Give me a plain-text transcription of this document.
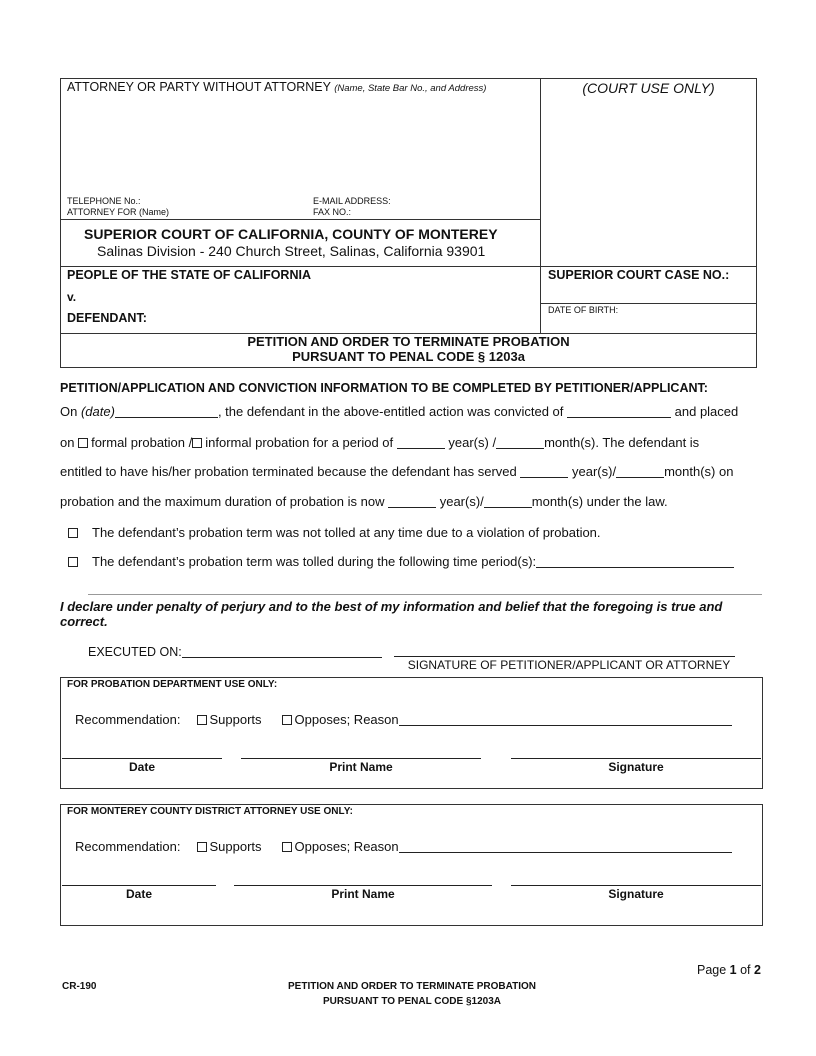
ATTORNEY OR PARTY WITHOUT ATTORNEY (Name, State Bar No., and Address)	(COURT USE ONLY)
TELEPHONE No.:
ATTORNEY FOR (Name)
E-MAIL ADDRESS:
FAX NO.:
SUPERIOR COURT OF CALIFORNIA, COUNTY OF MONTEREY
Salinas Division - 240 Church Street, Salinas, California 93901
PEOPLE OF THE STATE OF CALIFORNIA
v.
DEFENDANT:
SUPERIOR COURT CASE NO.:
DATE OF BIRTH:
PETITION AND ORDER TO TERMINATE PROBATION
PURSUANT TO PENAL CODE § 1203a
PETITION/APPLICATION AND CONVICTION INFORMATION TO BE COMPLETED BY PETITIONER/APPLICANT:
On (date)	, the defendant in the above-entitled action was convicted of	and placed
on formal probation / informal probation for a period of	year(s) /	month(s). The defendant is
entitled to have his/her probation terminated because the defendant has served	year(s)/	month(s) on
probation and the maximum duration of probation is now	year(s)/	month(s) under the law.
The defendant’s probation term was not tolled at any time due to a violation of probation.
The defendant’s probation term was tolled during the following time period(s):
I declare under penalty of perjury and to the best of my information and belief that the foregoing is true and correct.
EXECUTED ON:
SIGNATURE OF PETITIONER/APPLICANT OR ATTORNEY
FOR PROBATION DEPARTMENT USE ONLY:
Recommendation: Supports	Opposes; Reason
Date	Print Name	Signature
FOR MONTEREY COUNTY DISTRICT ATTORNEY USE ONLY:
Recommendation: Supports	Opposes; Reason
Date	Print Name	Signature
Page 1 of 2
CR-190	PETITION AND ORDER TO TERMINATE PROBATION
PURSUANT TO PENAL CODE §1203A
